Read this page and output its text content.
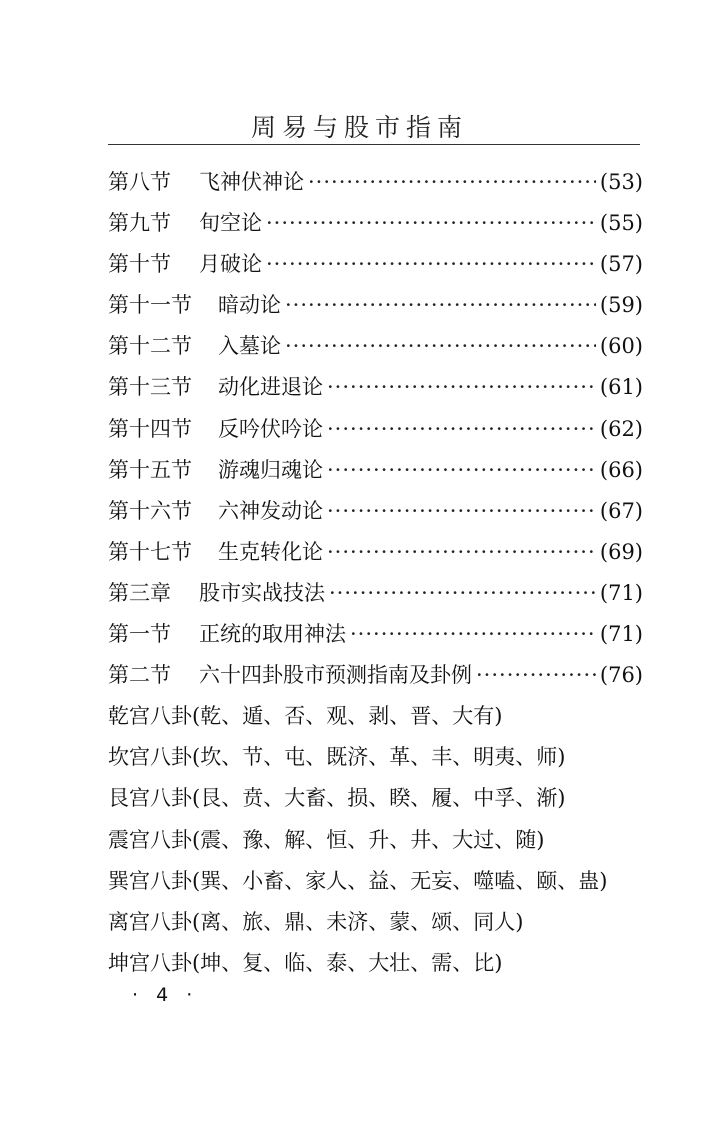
周易与股市指南
第八节 飞神伏神论 ·····	(53)
第九节 旬空论 ·····	(55)
第十节 月破论 ·····	(57)
第十一节 暗动论 ·····	(59)
第十二节 入墓论 ·····	(60)
第十三节 动化进退论 ·····	(61)
第十四节 反吟伏吟论 ·····	(62)
第十五节 游魂归魂论 ·····	(66)
第十六节 六神发动论 ·····	(67)
第十七节 生克转化论 ·····	(69)
第三章 股市实战技法 ·····	(71)
第一节 正统的取用神法 ·····	(71)
第二节 六十四卦股市预测指南及卦例 ·····	(76)
乾宫八卦(乾、遁、否、观、剥、晋、大有)
坎宫八卦(坎、节、屯、既济、革、丰、明夷、师)
艮宫八卦(艮、贲、大畜、损、睽、履、中孚、渐)
震宫八卦(震、豫、解、恒、升、井、大过、随)
巽宫八卦(巽、小畜、家人、益、无妄、噬嗑、颐、蛊)
离宫八卦(离、旅、鼎、未济、蒙、颂、同人)
坤宫八卦(坤、复、临、泰、大壮、需、比)
· 4 ·
